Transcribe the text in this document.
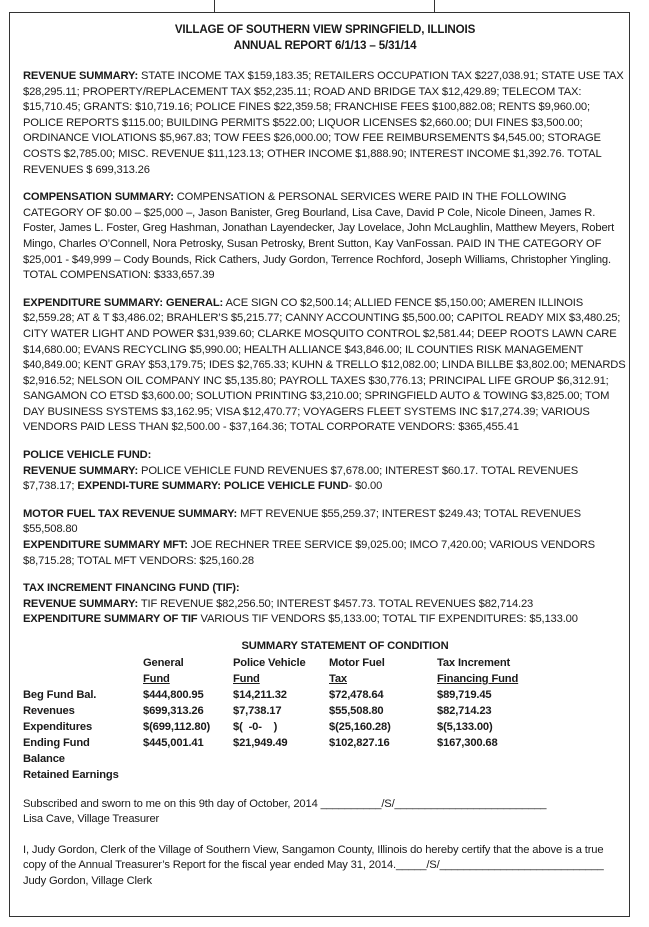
VILLAGE OF SOUTHERN VIEW SPRINGFIELD, ILLINOIS
ANNUAL REPORT 6/1/13 – 5/31/14

REVENUE SUMMARY: STATE INCOME TAX $159,183.35; RETAILERS OCCUPATION TAX $227,038.91; STATE USE TAX $28,295.11; PROPERTY/REPLACEMENT TAX $52,235.11; ROAD AND BRIDGE TAX $12,429.89; TELECOM TAX: $15,710.45; GRANTS: $10,719.16; POLICE FINES $22,359.58; FRANCHISE FEES $100,882.08; RENTS $9,960.00; POLICE REPORTS $115.00; BUILDING PERMITS $522.00; LIQUOR LICENSES $2,660.00; DUI FINES $3,500.00; ORDINANCE VIOLATIONS $5,967.83; TOW FEES $26,000.00; TOW FEE REIMBURSEMENTS $4,545.00; STORAGE COSTS $2,785.00; MISC. REVENUE $11,123.13; OTHER INCOME $1,888.90; INTEREST INCOME $1,392.76. TOTAL REVENUES $ 699,313.26

COMPENSATION SUMMARY: COMPENSATION & PERSONAL SERVICES WERE PAID IN THE FOLLOWING CATEGORY OF $0.00 – $25,000 –, Jason Banister, Greg Bourland, Lisa Cave, David P Cole, Nicole Dineen, James R. Foster, James L. Foster, Greg Hashman, Jonathan Layendecker, Jay Lovelace, John McLaughlin, Matthew Meyers, Robert Mingo, Charles O’Connell, Nora Petrosky, Susan Petrosky, Brent Sutton, Kay VanFossan. PAID IN THE CATEGORY OF $25,001 - $49,999 – Cody Bounds, Rick Cathers, Judy Gordon, Terrence Rochford, Joseph Williams, Christopher Yingling. TOTAL COMPENSATION: $333,657.39

EXPENDITURE SUMMARY: GENERAL: ACE SIGN CO $2,500.14; ALLIED FENCE $5,150.00; AMEREN ILLINOIS $2,559.28; AT & T $3,486.02; BRAHLER’S $5,215.77; CANNY ACCOUNTING $5,500.00; CAPITOL READY MIX $3,480.25; CITY WATER LIGHT AND POWER $31,939.60; CLARKE MOSQUITO CONTROL $2,581.44; DEEP ROOTS LAWN CARE $14,680.00; EVANS RECYCLING $5,990.00; HEALTH ALLIANCE $43,846.00; IL COUNTIES RISK MANAGEMENT $40,849.00; KENT GRAY $53,179.75; IDES $2,765.33; KUHN & TRELLO $12,082.00; LINDA BILLBE $3,802.00; MENARDS $2,916.52; NELSON OIL COMPANY INC $5,135.80; PAYROLL TAXES $30,776.13; PRINCIPAL LIFE GROUP $6,312.91; SANGAMON CO ETSD $3,600.00; SOLUTION PRINTING $3,210.00; SPRINGFIELD AUTO & TOWING $3,825.00; TOM DAY BUSINESS SYSTEMS $3,162.95; VISA $12,470.77; VOYAGERS FLEET SYSTEMS INC $17,274.39; VARIOUS VENDORS PAID LESS THAN $2,500.00 - $37,164.36; TOTAL CORPORATE VENDORS: $365,455.41

POLICE VEHICLE FUND:

REVENUE SUMMARY: POLICE VEHICLE FUND REVENUES $7,678.00; INTEREST $60.17. TOTAL REVENUES $7,738.17; EXPENDI-TURE SUMMARY: POLICE VEHICLE FUND- $0.00

MOTOR FUEL TAX REVENUE SUMMARY: MFT REVENUE $55,259.37; INTEREST $249.43; TOTAL REVENUES $55,508.80

EXPENDITURE SUMMARY MFT: JOE RECHNER TREE SERVICE $9,025.00; IMCO 7,420.00; VARIOUS VENDORS $8,715.28; TOTAL MFT VENDORS: $25,160.28

TAX INCREMENT FINANCING FUND (TIF):

REVENUE SUMMARY: TIF REVENUE $82,256.50; INTEREST $457.73. TOTAL REVENUES $82,714.23

EXPENDITURE SUMMARY OF TIF VARIOUS TIF VENDORS $5,133.00; TOTAL TIF EXPENDITURES: $5,133.00

SUMMARY STATEMENT OF CONDITION
	General	Police Vehicle	Motor Fuel	Tax Increment
	Fund	Fund	Tax	Financing Fund
Beg Fund Bal.	$444,800.95	$14,211.32	$72,478.64	$89,719.45
Revenues	$699,313.26	$7,738.17	$55,508.80	$82,714.23
Expenditures	$(699,112.80)	$(  -0-    )	$(25,160.28)	$(5,133.00)
Ending Fund	$445,001.41	$21,949.49	$102,827.16	$167,300.68
Balance				
Retained Earnings				

Subscribed and sworn to me on this 9th day of October, 2014 __________/S/_________________________

Lisa Cave, Village Treasurer

I, Judy Gordon, Clerk of the Village of Southern View, Sangamon County, Illinois do hereby certify that the above is a true copy of the Annual Treasurer’s Report for the fiscal year ended May 31, 2014._____/S/___________________________

Judy Gordon, Village Clerk
